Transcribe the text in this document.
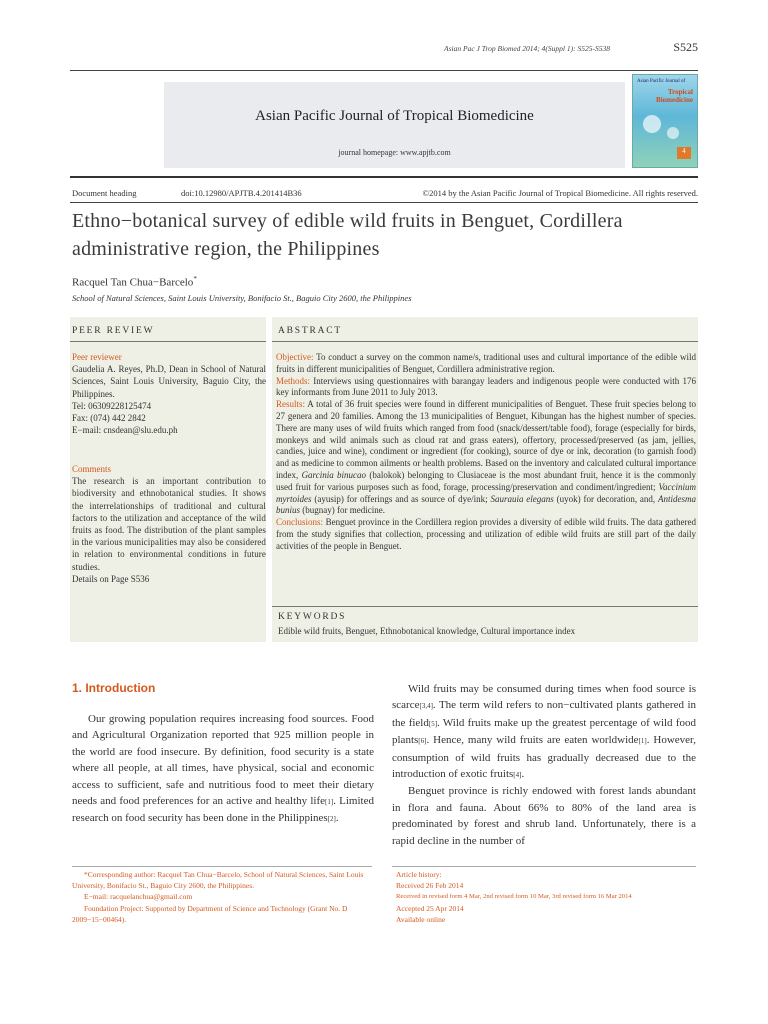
Asian Pac J Trop Biomed 2014; 4(Suppl 1): S525-S538	S525
Asian Pacific Journal of Tropical Biomedicine
journal homepage: www.apjtb.com
Asian Pacific Journal of
Tropical Biomedicine
4
Document heading	doi:10.12980/APJTB.4.201414B36	©2014 by the Asian Pacific Journal of Tropical Biomedicine. All rights reserved.
Ethno−botanical survey of edible wild fruits in Benguet, Cordillera
administrative region, the Philippines
Racquel Tan Chua−Barcelo*
School of Natural Sciences, Saint Louis University, Bonifacio St., Baguio City 2600, the Philippines
PEER REVIEW	ABSTRACT
Peer reviewer
Gaudelia A. Reyes, Ph.D, Dean in School of Natural Sciences, Saint Louis University, Baguio City, the Philippines.
Tel: 06309228125474
Fax: (074) 442 2842
E−mail: cnsdean@slu.edu.ph
Comments
The research is an important contribution to biodiversity and ethnobotanical studies. It shows the interrelationships of traditional and cultural factors to the utilization and acceptance of the wild fruits as food. The distribution of the plant samples in the various municipalities may also be considered in relation to environmental conditions in future studies.
Details on Page S536
Objective: To conduct a survey on the common name/s, traditional uses and cultural importance of the edible wild fruits in different municipalities of Benguet, Cordillera administrative region.
Methods: Interviews using questionnaires with barangay leaders and indigenous people were conducted with 176 key informants from June 2011 to July 2013.
Results: A total of 36 fruit species were found in different municipalities of Benguet. These fruit species belong to 27 genera and 20 families. Among the 13 municipalities of Benguet, Kibungan has the highest number of species. There are many uses of wild fruits which ranged from food (snack/dessert/table food), forage (especially for birds, monkeys and wild animals such as cloud rat and grass eaters), offertory, processed/preserved (as jam, jellies, candies, juice and wine), condiment or ingredient (for cooking), source of dye or ink, decoration (to garnish food) and as medicine to common ailments or health problems. Based on the inventory and calculated cultural importance index, Garcinia binucao (balokok) belonging to Clusiaceae is the most abundant fruit, hence it is the commonly used fruit for various purposes such as food, forage, processing/preservation and condiment/ingredient; Vaccinium myrtoides (ayusip) for offerings and as source of dye/ink; Saurauia elegans (uyok) for decoration, and, Antidesma bunius (bugnay) for medicine.
Conclusions: Benguet province in the Cordillera region provides a diversity of edible wild fruits. The data gathered from the study signifies that collection, processing and utilization of edible wild fruits are still part of the daily activities of the people in Benguet.
KEYWORDS
Edible wild fruits, Benguet, Ethnobotanical knowledge, Cultural importance index
1. Introduction
Our growing population requires increasing food sources. Food and Agricultural Organization reported that 925 million people in the world are food insecure. By definition, food security is a state where all people, at all times, have physical, social and economic access to sufficient, safe and nutritious food to meet their dietary needs and food preferences for an active and healthy life[1]. Limited research on food security has been done in the Philippines[2].
Wild fruits may be consumed during times when food source is scarce[3,4]. The term wild refers to non−cultivated plants gathered in the field[5]. Wild fruits make up the greatest percentage of wild food plants[6]. Hence, many wild fruits are eaten worldwide[1]. However, consumption of wild fruits has gradually decreased due to the introduction of exotic fruits[4].
Benguet province is richly endowed with forest lands abundant in flora and fauna. About 66% to 80% of the land area is predominated by forest and shrub land. Unfortunately, there is a rapid decline in the number of
*Corresponding author: Racquel Tan Chua−Barcelo, School of Natural Sciences, Saint Louis University, Bonifacio St., Baguio City 2600, the Philippines.
E−mail: racquelanchua@gmail.com
Foundation Project: Supported by Department of Science and Technology (Grant No. D 2009−15−00464).
Article history:
Received 26 Feb 2014
Received in revised form 4 Mar, 2nd revised form 10 Mar, 3rd revised form 16 Mar 2014
Accepted 25 Apr 2014
Available online
